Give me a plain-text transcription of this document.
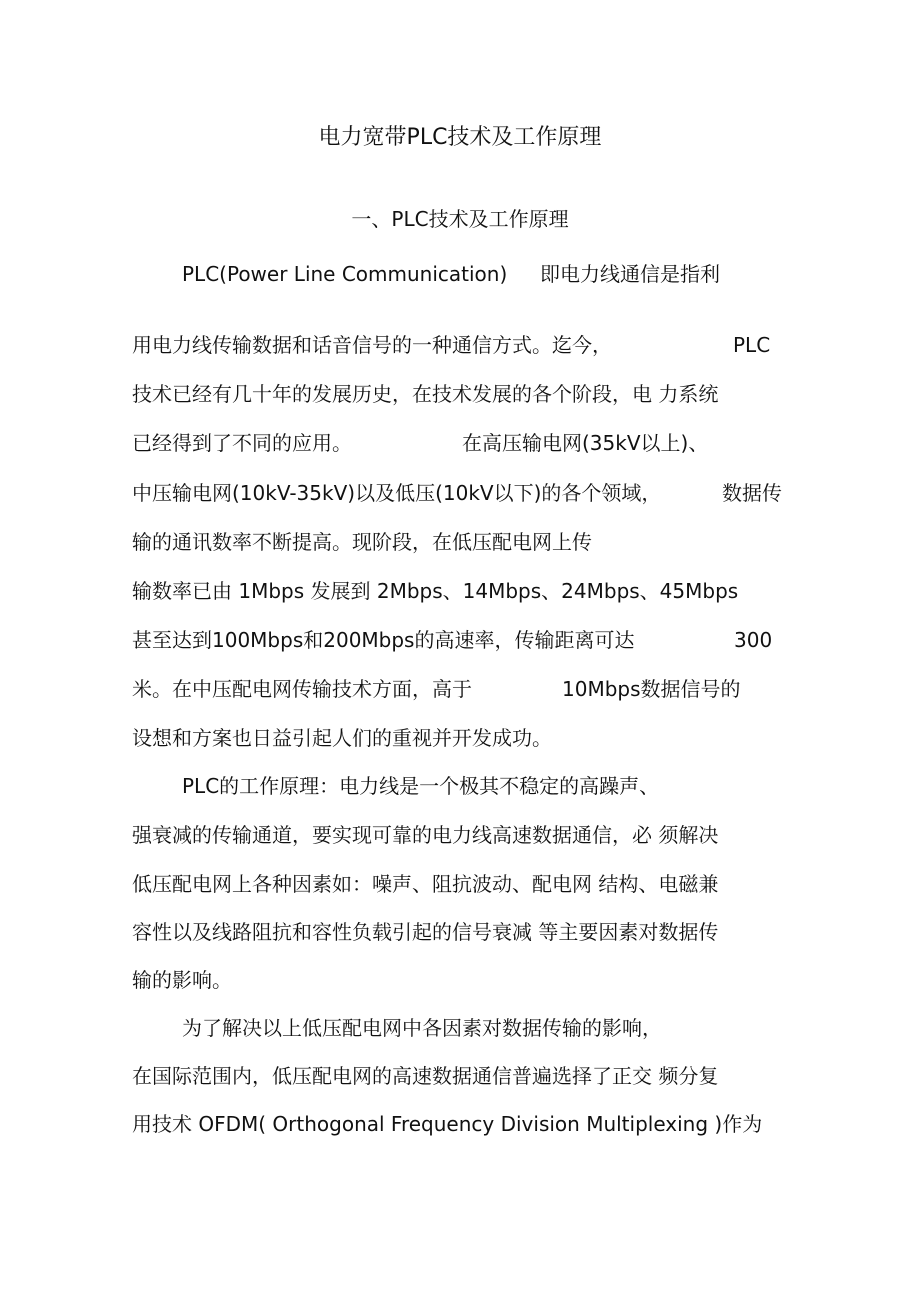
电力宽带PLC技术及工作原理
一、PLC技术及工作原理
PLC(Power Line Communication) 即电力线通信是指利
用电力线传输数据和话音信号的一种通信方式。迄今，	PLC
技术已经有几十年的发展历史，在技术发展的各个阶段，电 力系统
已经得到了不同的应用。	在高压输电网(35kV以上)、
中压输电网(10kV-35kV)以及低压(10kV以下)的各个领域，	数据传
输的通讯数率不断提高。现阶段，在低压配电网上传
输数率已由 1Mbps 发展到 2Mbps、14Mbps、24Mbps、45Mbps
甚至达到100Mbps和200Mbps的高速率，传输距离可达	300
米。在中压配电网传输技术方面，高于	10Mbps数据信号的
设想和方案也日益引起人们的重视并开发成功。
PLC的工作原理：电力线是一个极其不稳定的高躁声、
强衰减的传输通道，要实现可靠的电力线高速数据通信，必 须解决
低压配电网上各种因素如：噪声、阻抗波动、配电网 结构、电磁兼
容性以及线路阻抗和容性负载引起的信号衰减 等主要因素对数据传
输的影响。
为了解决以上低压配电网中各因素对数据传输的影响，
在国际范围内，低压配电网的高速数据通信普遍选择了正交 频分复
用技术 OFDM( Orthogonal Frequency Division Multiplexing )作为
